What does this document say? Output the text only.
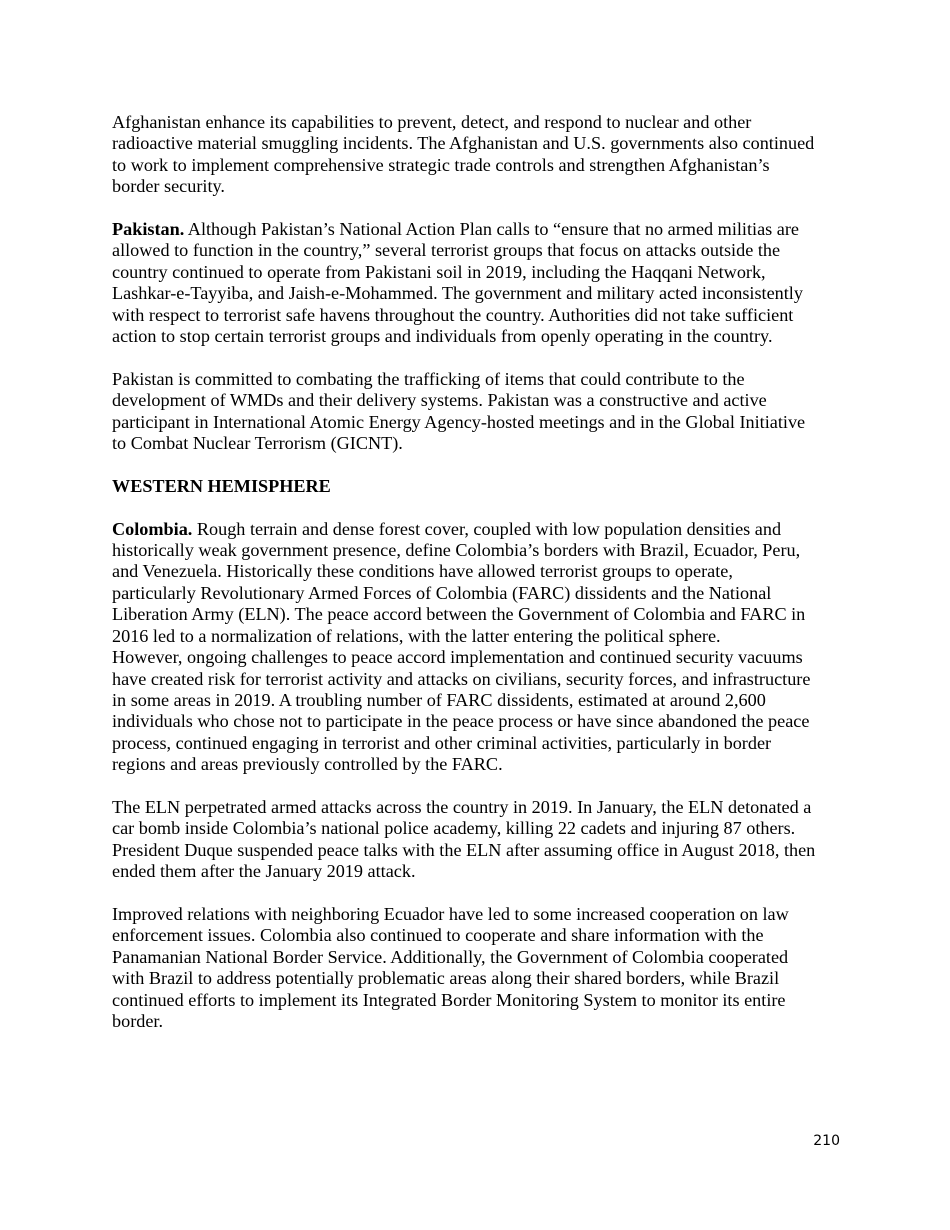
Afghanistan enhance its capabilities to prevent, detect, and respond to nuclear and other
radioactive material smuggling incidents. The Afghanistan and U.S. governments also continued
to work to implement comprehensive strategic trade controls and strengthen Afghanistan’s
border security.

Pakistan. Although Pakistan’s National Action Plan calls to “ensure that no armed militias are
allowed to function in the country,” several terrorist groups that focus on attacks outside the
country continued to operate from Pakistani soil in 2019, including the Haqqani Network,
Lashkar-e-Tayyiba, and Jaish-e-Mohammed. The government and military acted inconsistently
with respect to terrorist safe havens throughout the country. Authorities did not take sufficient
action to stop certain terrorist groups and individuals from openly operating in the country.

Pakistan is committed to combating the trafficking of items that could contribute to the
development of WMDs and their delivery systems. Pakistan was a constructive and active
participant in International Atomic Energy Agency-hosted meetings and in the Global Initiative
to Combat Nuclear Terrorism (GICNT).

WESTERN HEMISPHERE

Colombia. Rough terrain and dense forest cover, coupled with low population densities and
historically weak government presence, define Colombia’s borders with Brazil, Ecuador, Peru,
and Venezuela. Historically these conditions have allowed terrorist groups to operate,
particularly Revolutionary Armed Forces of Colombia (FARC) dissidents and the National
Liberation Army (ELN). The peace accord between the Government of Colombia and FARC in
2016 led to a normalization of relations, with the latter entering the political sphere.
However, ongoing challenges to peace accord implementation and continued security vacuums
have created risk for terrorist activity and attacks on civilians, security forces, and infrastructure
in some areas in 2019. A troubling number of FARC dissidents, estimated at around 2,600
individuals who chose not to participate in the peace process or have since abandoned the peace
process, continued engaging in terrorist and other criminal activities, particularly in border
regions and areas previously controlled by the FARC.

The ELN perpetrated armed attacks across the country in 2019. In January, the ELN detonated a
car bomb inside Colombia’s national police academy, killing 22 cadets and injuring 87 others.
President Duque suspended peace talks with the ELN after assuming office in August 2018, then
ended them after the January 2019 attack.

Improved relations with neighboring Ecuador have led to some increased cooperation on law
enforcement issues. Colombia also continued to cooperate and share information with the
Panamanian National Border Service. Additionally, the Government of Colombia cooperated
with Brazil to address potentially problematic areas along their shared borders, while Brazil
continued efforts to implement its Integrated Border Monitoring System to monitor its entire
border.

210
